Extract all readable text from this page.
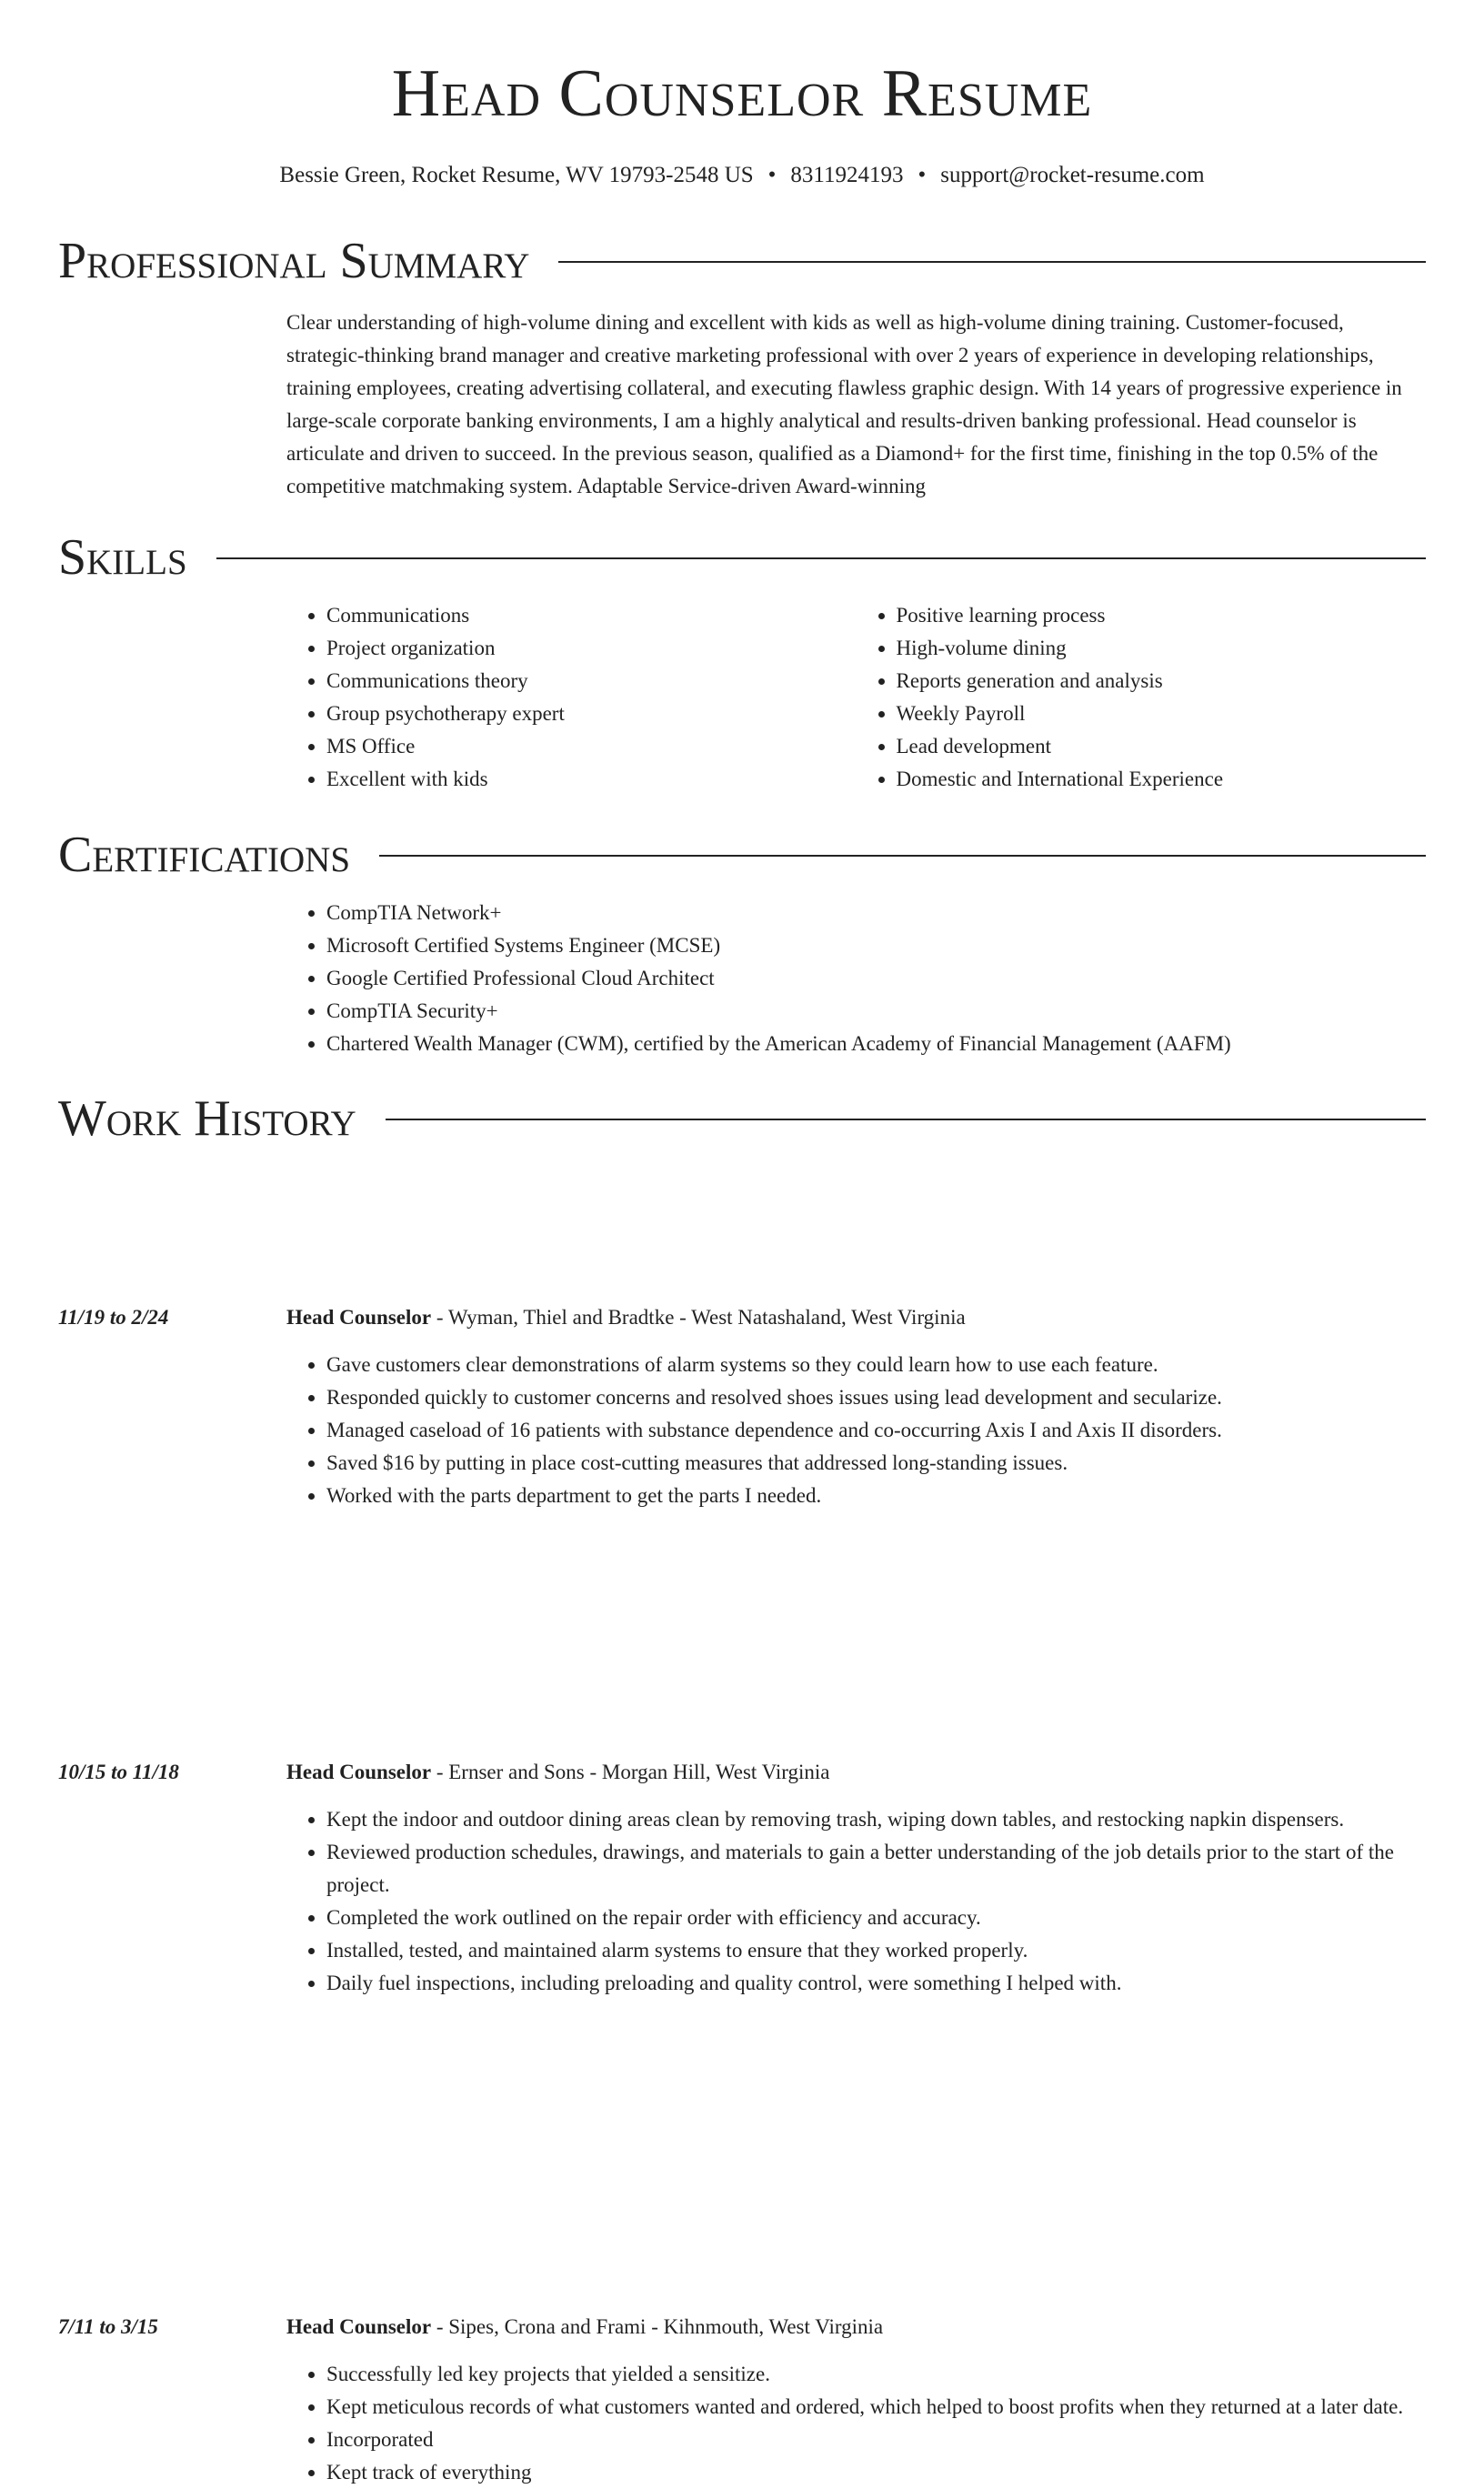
Head Counselor Resume
Bessie Green, Rocket Resume, WV 19793-2548 US • 8311924193 • support@rocket-resume.com
Professional Summary

Clear understanding of high-volume dining and excellent with kids as well as high-volume dining training. Customer-focused, strategic-thinking brand manager and creative marketing professional with over 2 years of experience in developing relationships, training employees, creating advertising collateral, and executing flawless graphic design. With 14 years of progressive experience in large-scale corporate banking environments, I am a highly analytical and results-driven banking professional. Head counselor is articulate and driven to succeed. In the previous season, qualified as a Diamond+ for the first time, finishing in the top 0.5% of the competitive matchmaking system. Adaptable Service-driven Award-winning

Skills
• Communications
• Project organization
• Communications theory
• Group psychotherapy expert
• MS Office
• Excellent with kids
• Positive learning process
• High-volume dining
• Reports generation and analysis
• Weekly Payroll
• Lead development
• Domestic and International Experience
Certifications
• CompTIA Network+
• Microsoft Certified Systems Engineer (MCSE)
• Google Certified Professional Cloud Architect
• CompTIA Security+
• Chartered Wealth Manager (CWM), certified by the American Academy of Financial Management (AAFM)
Work History
11/19 to 2/24	Head Counselor - Wyman, Thiel and Bradtke - West Natashaland, West Virginia
• Gave customers clear demonstrations of alarm systems so they could learn how to use each feature.
• Responded quickly to customer concerns and resolved shoes issues using lead development and secularize.
• Managed caseload of 16 patients with substance dependence and co-occurring Axis I and Axis II disorders.
• Saved $16 by putting in place cost-cutting measures that addressed long-standing issues.
• Worked with the parts department to get the parts I needed.
10/15 to 11/18	Head Counselor - Ernser and Sons - Morgan Hill, West Virginia
• Kept the indoor and outdoor dining areas clean by removing trash, wiping down tables, and restocking napkin dispensers.
• Reviewed production schedules, drawings, and materials to gain a better understanding of the job details prior to the start of the project.
• Completed the work outlined on the repair order with efficiency and accuracy.
• Installed, tested, and maintained alarm systems to ensure that they worked properly.
• Daily fuel inspections, including preloading and quality control, were something I helped with.
7/11 to 3/15	Head Counselor - Sipes, Crona and Frami - Kihnmouth, West Virginia
• Successfully led key projects that yielded a sensitize.
• Kept meticulous records of what customers wanted and ordered, which helped to boost profits when they returned at a later date.
• Incorporated
• Kept track of everything
